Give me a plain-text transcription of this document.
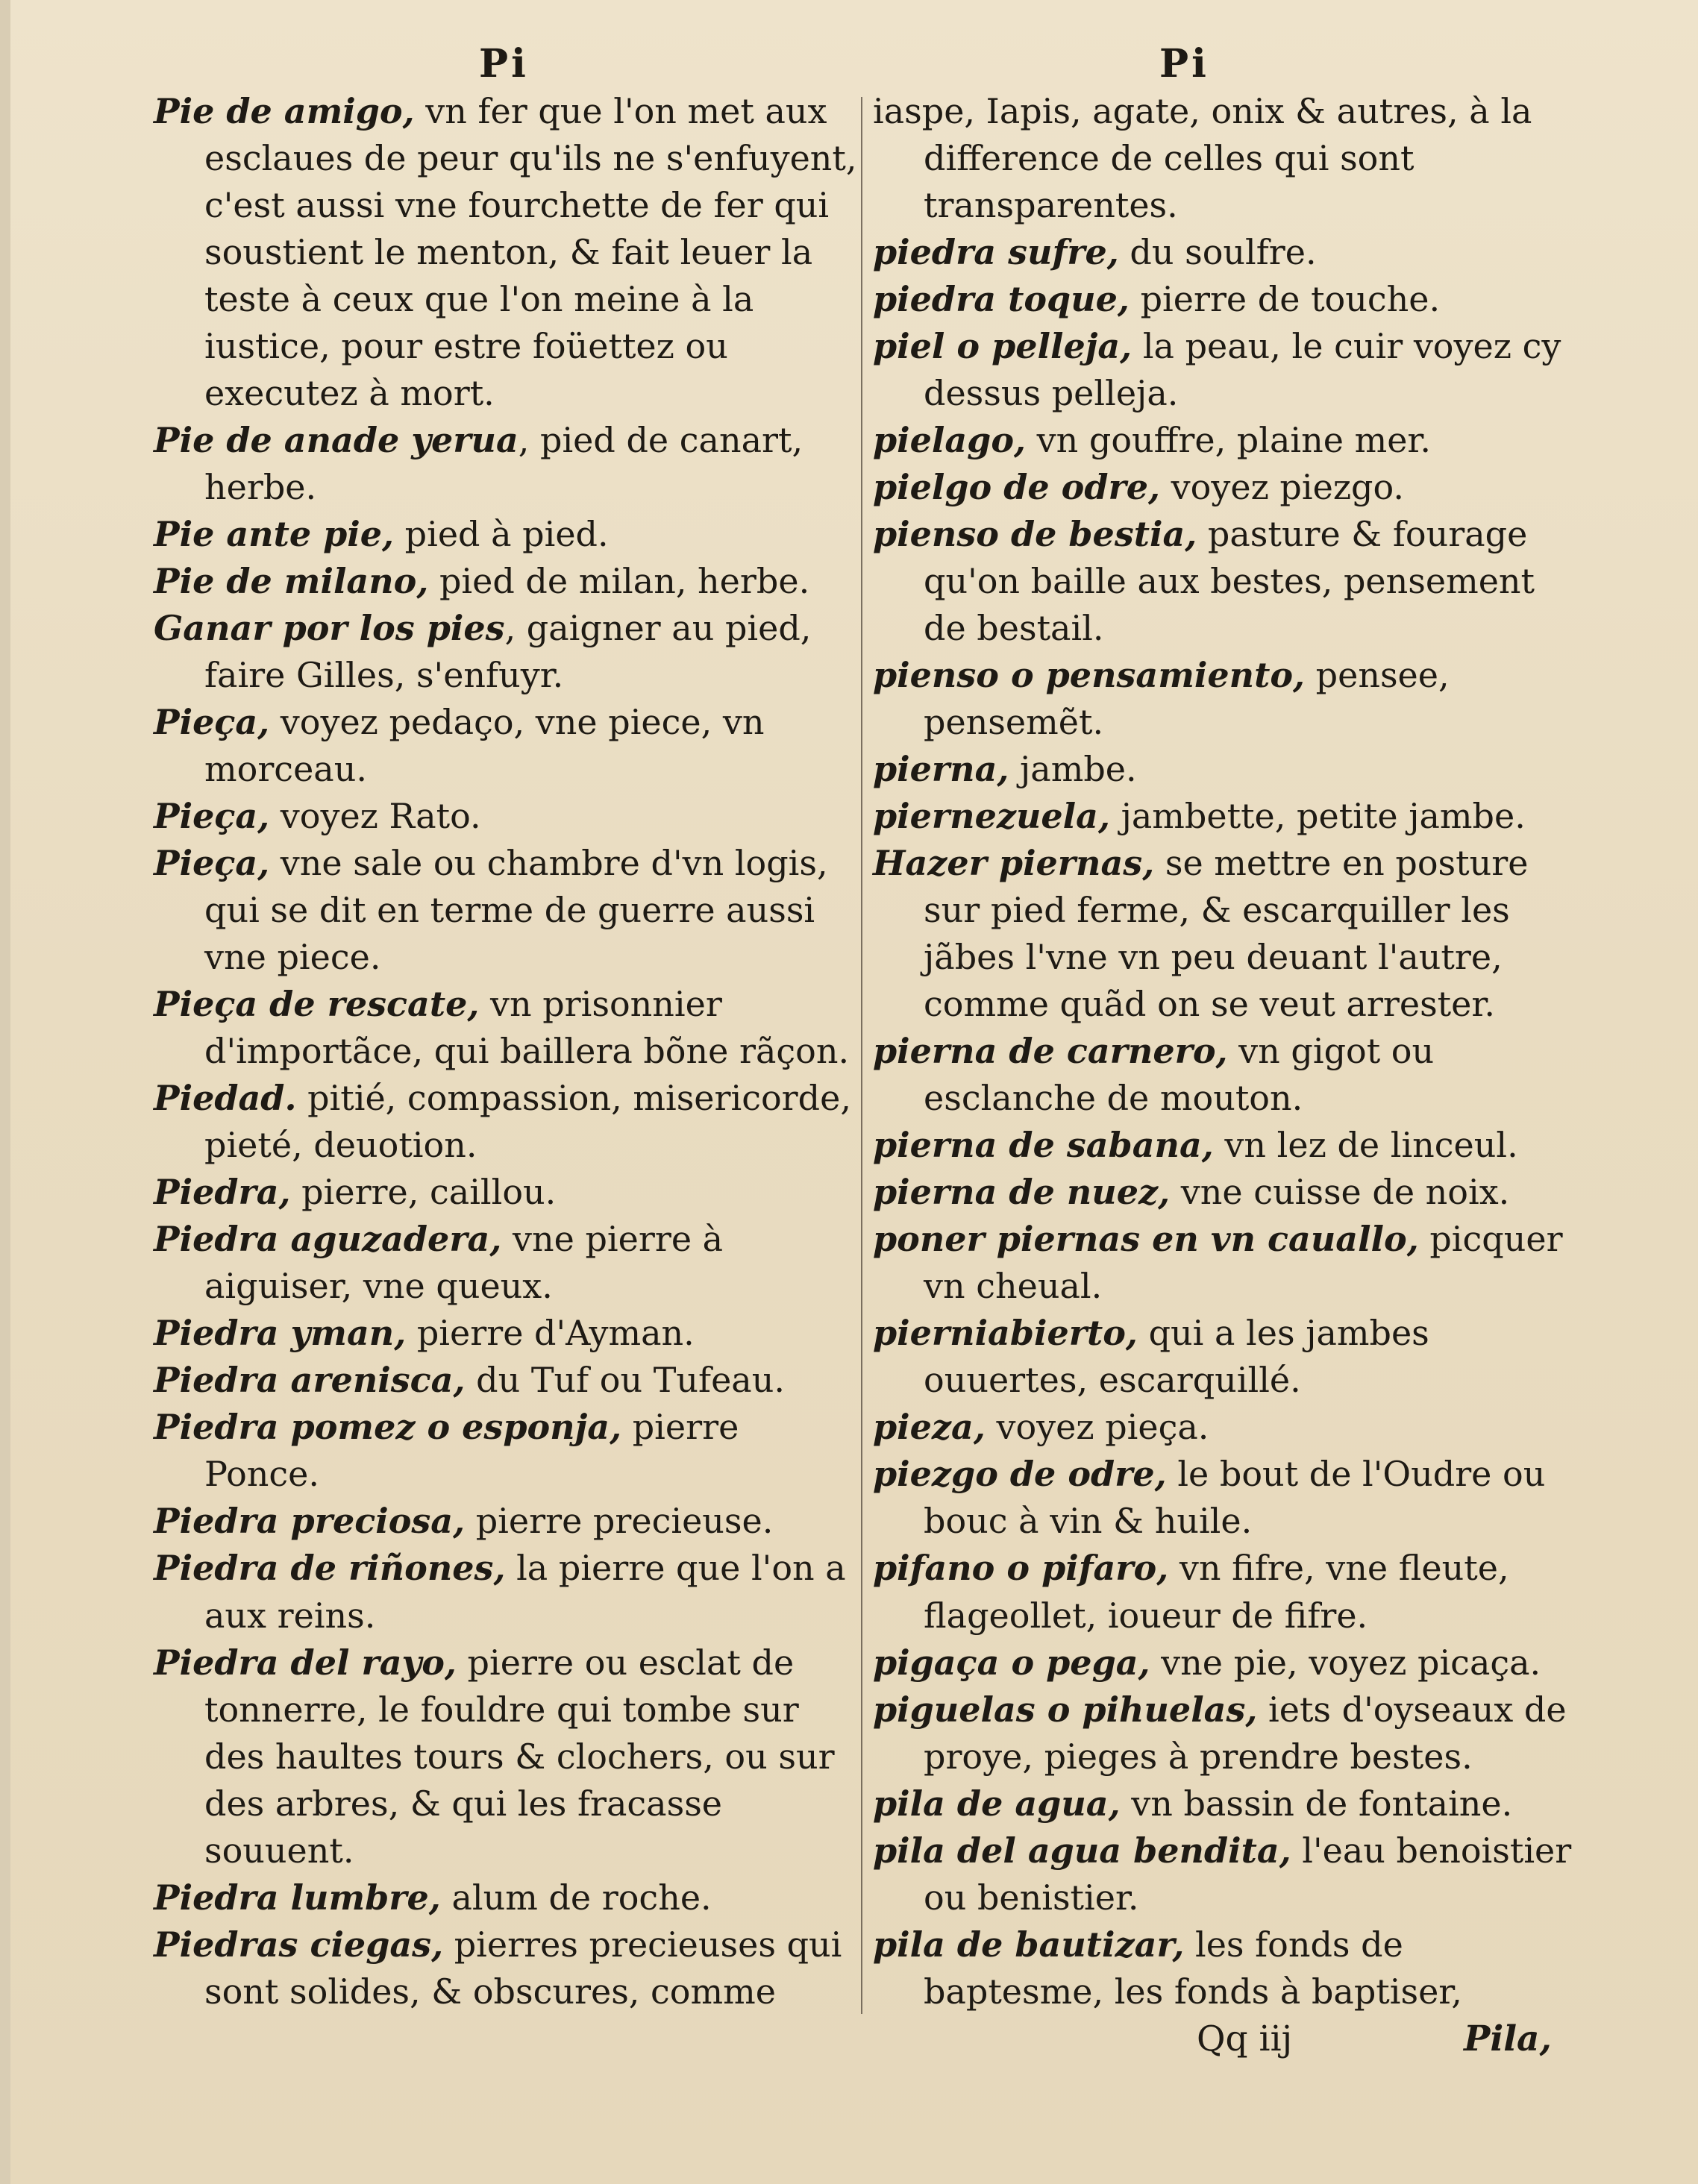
Pi	Pi

Pie de amigo, vn fer que l'on met aux esclaues de peur qu'ils ne s'enfuyent, c'est aussi vne fourchette de fer qui soustient le menton, & fait leuer la teste à ceux que l'on meine à la iustice, pour estre foüettez ou executez à mort.

Pie de anade yerua, pied de canart, herbe.

Pie ante pie, pied à pied.

Pie de milano, pied de milan, herbe.

Ganar por los pies, gaigner au pied, faire Gilles, s'enfuyr.

Pieça, voyez pedaço, vne piece, vn morceau.

Pieça, voyez Rato.

Pieça, vne sale ou chambre d'vn logis, qui se dit en terme de guerre aussi vne piece.

Pieça de rescate, vn prisonnier d'importãce, qui baillera bõne rãçon.

Piedad. pitié, compassion, misericorde, pieté, deuotion.

Piedra, pierre, caillou.

Piedra aguzadera, vne pierre à aiguiser, vne queux.

Piedra yman, pierre d'Ayman.

Piedra arenisca, du Tuf ou Tufeau.

Piedra pomez o esponja, pierre Ponce.

Piedra preciosa, pierre precieuse.

Piedra de riñones, la pierre que l'on a aux reins.

Piedra del rayo, pierre ou esclat de tonnerre, le fouldre qui tombe sur des haultes tours & clochers, ou sur des arbres, & qui les fracasse souuent.

Piedra lumbre, alum de roche.

Piedras ciegas, pierres precieuses qui sont solides, & obscures, comme

iaspe, Iapis, agate, onix & autres, à la difference de celles qui sont transparentes.

piedra sufre, du soulfre.

piedra toque, pierre de touche.

piel o pelleja, la peau, le cuir voyez cy dessus pelleja.

pielago, vn gouffre, plaine mer.

pielgo de odre, voyez piezgo.

pienso de bestia, pasture & fourage qu'on baille aux bestes, pensement de bestail.

pienso o pensamiento, pensee, pensemẽt.

pierna, jambe.

piernezuela, jambette, petite jambe.

Hazer piernas, se mettre en posture sur pied ferme, & escarquiller les jãbes l'vne vn peu deuant l'autre, comme quãd on se veut arrester.

pierna de carnero, vn gigot ou esclanche de mouton.

pierna de sabana, vn lez de linceul.

pierna de nuez, vne cuisse de noix.

poner piernas en vn cauallo, picquer vn cheual.

pierniabierto, qui a les jambes ouuertes, escarquillé.

pieza, voyez pieça.

piezgo de odre, le bout de l'Oudre ou bouc à vin & huile.

pifano o pifaro, vn fifre, vne fleute, flageollet, ioueur de fifre.

pigaça o pega, vne pie, voyez picaça.

piguelas o pihuelas, iets d'oyseaux de proye, pieges à prendre bestes.

pila de agua, vn bassin de fontaine.

pila del agua bendita, l'eau benoistier ou benistier.

pila de bautizar, les fonds de baptesme, les fonds à baptiser,

Qq iij	Pila,
